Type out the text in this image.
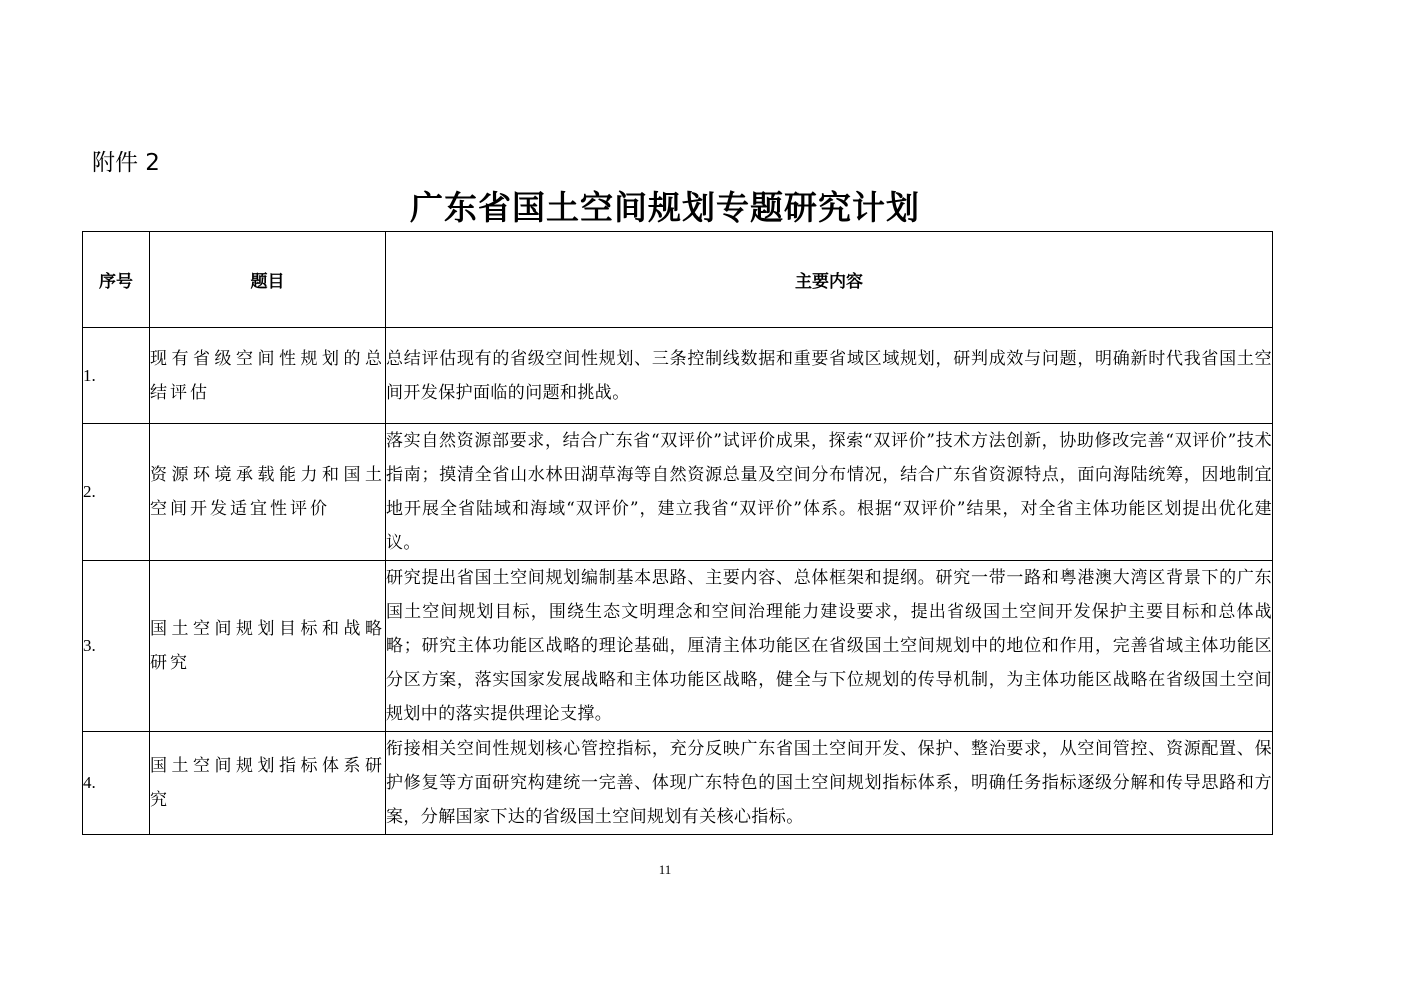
附件 2
广东省国土空间规划专题研究计划
序号	题目	主要内容
1.	现有省级空间性规划的总结评估	总结评估现有的省级空间性规划、三条控制线数据和重要省域区域规划，研判成效与问题，明确新时代我省国土空间开发保护面临的问题和挑战。
2.	资源环境承载能力和国土空间开发适宜性评价	落实自然资源部要求，结合广东省“双评价”试评价成果，探索“双评价”技术方法创新，协助修改完善“双评价”技术指南；摸清全省山水林田湖草海等自然资源总量及空间分布情况，结合广东省资源特点，面向海陆统筹，因地制宜地开展全省陆域和海域“双评价”，建立我省“双评价”体系。根据“双评价”结果，对全省主体功能区划提出优化建议。
3.	国土空间规划目标和战略研究	研究提出省国土空间规划编制基本思路、主要内容、总体框架和提纲。研究一带一路和粤港澳大湾区背景下的广东国土空间规划目标，围绕生态文明理念和空间治理能力建设要求，提出省级国土空间开发保护主要目标和总体战略；研究主体功能区战略的理论基础，厘清主体功能区在省级国土空间规划中的地位和作用，完善省域主体功能区分区方案，落实国家发展战略和主体功能区战略，健全与下位规划的传导机制，为主体功能区战略在省级国土空间规划中的落实提供理论支撑。
4.	国土空间规划指标体系研究	衔接相关空间性规划核心管控指标，充分反映广东省国土空间开发、保护、整治要求，从空间管控、资源配置、保护修复等方面研究构建统一完善、体现广东特色的国土空间规划指标体系，明确任务指标逐级分解和传导思路和方案，分解国家下达的省级国土空间规划有关核心指标。
11
